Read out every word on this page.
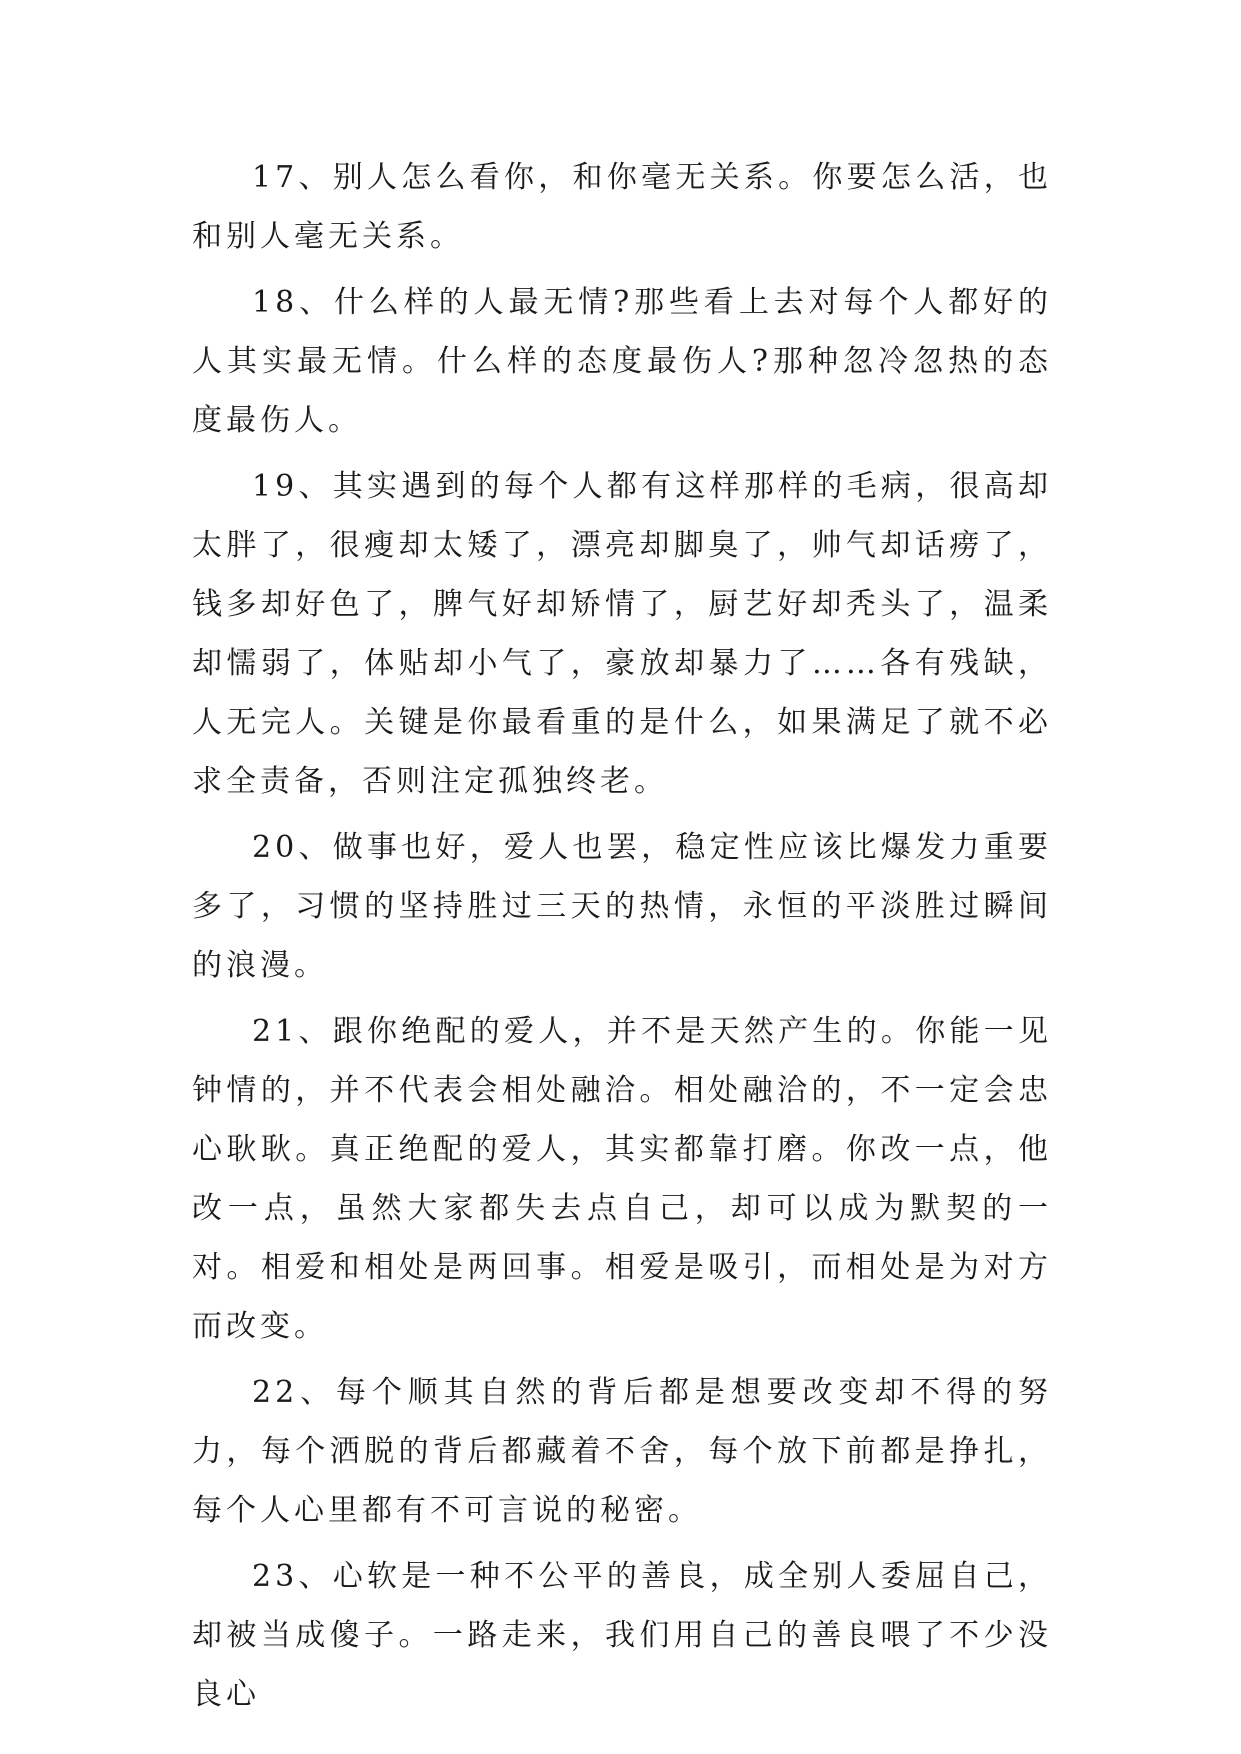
17、别人怎么看你，和你毫无关系。你要怎么活，也和别人毫无关系。

18、什么样的人最无情?那些看上去对每个人都好的人其实最无情。什么样的态度最伤人?那种忽冷忽热的态度最伤人。

19、其实遇到的每个人都有这样那样的毛病，很高却太胖了，很瘦却太矮了，漂亮却脚臭了，帅气却话痨了，钱多却好色了，脾气好却矫情了，厨艺好却秃头了，温柔却懦弱了，体贴却小气了，豪放却暴力了……各有残缺，人无完人。关键是你最看重的是什么，如果满足了就不必求全责备，否则注定孤独终老。

20、做事也好，爱人也罢，稳定性应该比爆发力重要多了，习惯的坚持胜过三天的热情，永恒的平淡胜过瞬间的浪漫。

21、跟你绝配的爱人，并不是天然产生的。你能一见钟情的，并不代表会相处融洽。相处融洽的，不一定会忠心耿耿。真正绝配的爱人，其实都靠打磨。你改一点，他改一点，虽然大家都失去点自己，却可以成为默契的一对。相爱和相处是两回事。相爱是吸引，而相处是为对方而改变。

22、每个顺其自然的背后都是想要改变却不得的努力，每个洒脱的背后都藏着不舍，每个放下前都是挣扎，每个人心里都有不可言说的秘密。

23、心软是一种不公平的善良，成全别人委屈自己，却被当成傻子。一路走来，我们用自己的善良喂了不少没良心
